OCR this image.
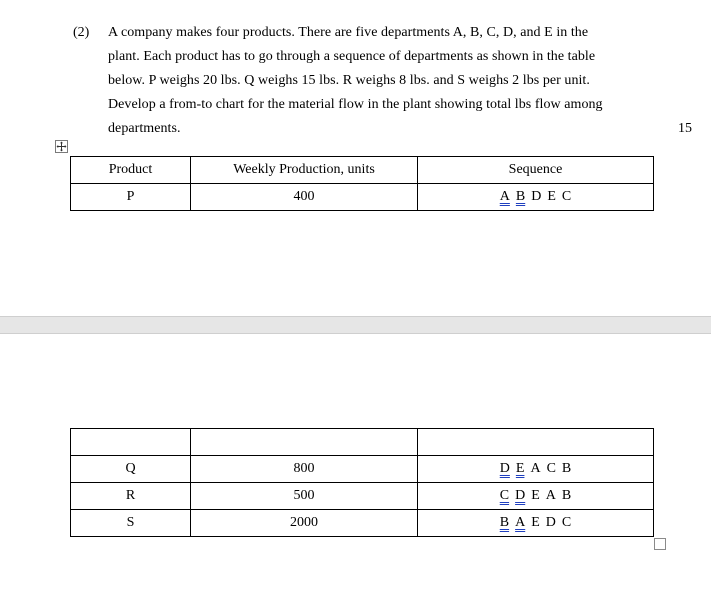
(2) A company makes four products. There are five departments A, B, C, D, and E in the
plant. Each product has to go through a sequence of departments as shown in the table
below. P weighs 20 lbs. Q weighs 15 lbs. R weighs 8 lbs. and S weighs 2 lbs per unit.
Develop a from-to chart for the material flow in the plant showing total lbs flow among
departments.	15
Product	Weekly Production, units	Sequence
P	400	A B D E C

Q	800	D E A C B
R	500	C D E A B
S	2000	B A E D C
